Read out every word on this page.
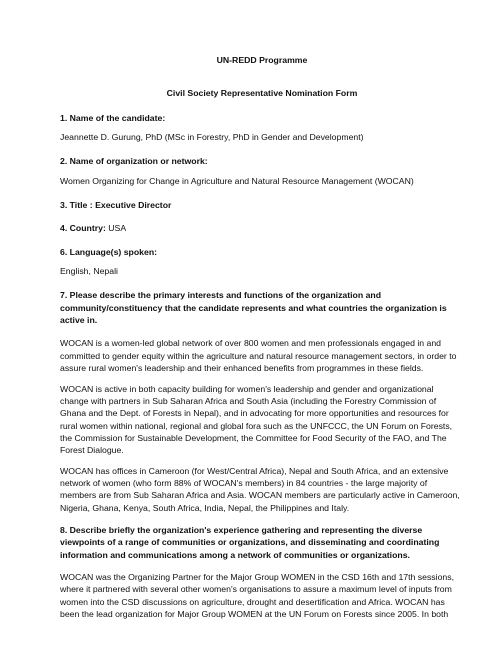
UN-REDD Programme

Civil Society Representative Nomination Form

1. Name of the candidate:

Jeannette D. Gurung, PhD (MSc in Forestry, PhD in Gender and Development)

2. Name of organization or network:

Women Organizing for Change in Agriculture and Natural Resource Management (WOCAN)

3. Title : Executive Director

4. Country: USA

6. Language(s) spoken:

English, Nepali

7. Please describe the primary interests and functions of the organization and community/constituency that the candidate represents and what countries the organization is active in.

WOCAN is a women-led global network of over 800 women and men professionals engaged in and committed to gender equity within the agriculture and natural resource management sectors, in order to assure rural women's leadership and their enhanced benefits from programmes in these fields.

WOCAN is active in both capacity building for women's leadership and gender and organizational change with partners in Sub Saharan Africa and South Asia (including the Forestry Commission of Ghana and the Dept. of Forests in Nepal), and in advocating for more opportunities and resources for rural women within national, regional and global fora such as the UNFCCC, the UN Forum on Forests, the Commission for Sustainable Development, the Committee for Food Security of the FAO, and The Forest Dialogue.

WOCAN has offices in Cameroon (for West/Central Africa), Nepal and South Africa, and an extensive network of women (who form 88% of WOCAN's members) in 84 countries - the large majority of members are from Sub Saharan Africa and Asia. WOCAN members are particularly active in Cameroon, Nigeria, Ghana, Kenya, South Africa, India, Nepal, the Philippines and Italy.

8. Describe briefly the organization's experience gathering and representing the diverse viewpoints of a range of communities or organizations, and disseminating and coordinating information and communications among a network of communities or organizations.

WOCAN was the Organizing Partner for the Major Group WOMEN in the CSD 16th and 17th sessions, where it partnered with several other women's organisations to assure a maximum level of inputs from women into the CSD discussions on agriculture, drought and desertification and Africa. WOCAN has been the lead organization for Major Group WOMEN at the UN Forum on Forests since 2005. In both
